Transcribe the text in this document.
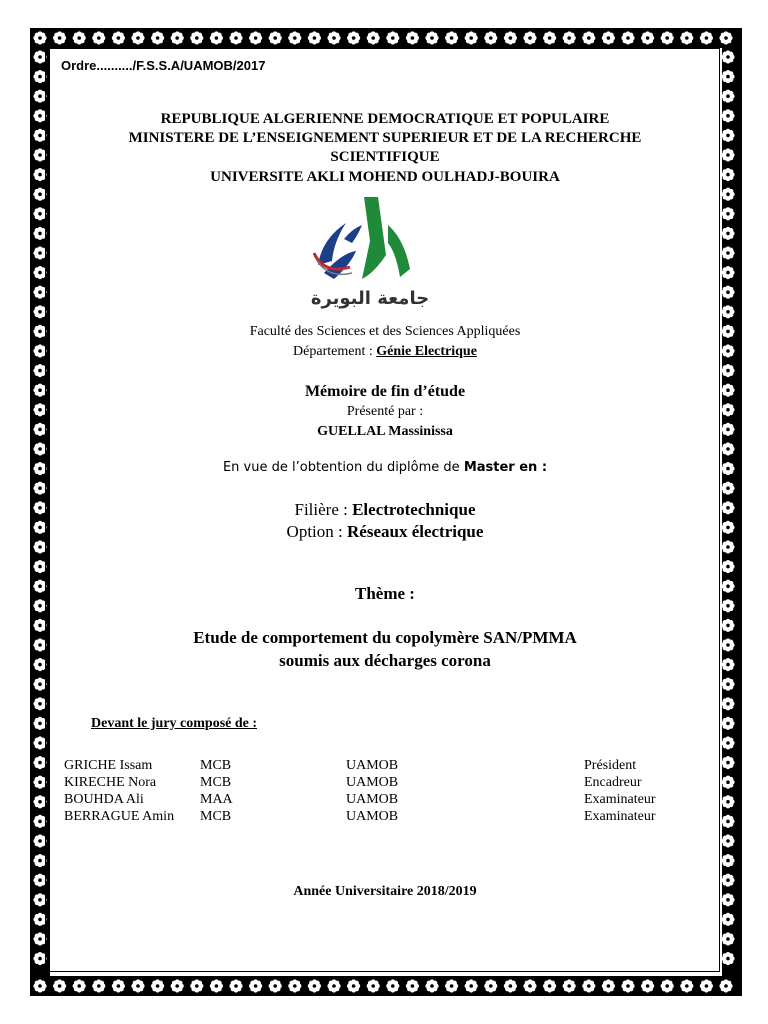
Ordre........../F.S.S.A/UAMOB/2017
REPUBLIQUE ALGERIENNE DEMOCRATIQUE ET POPULAIRE
MINISTERE DE L’ENSEIGNEMENT SUPERIEUR ET DE LA RECHERCHE
SCIENTIFIQUE
UNIVERSITE AKLI MOHEND OULHADJ-BOUIRA
جامعة البويرة
Faculté des Sciences et des Sciences Appliquées
Département : Génie Electrique
Mémoire de fin d’étude
Présenté par :
GUELLAL Massinissa
En vue de l’obtention du diplôme de Master en :
Filière : Electrotechnique
Option : Réseaux électrique
Thème :
Etude de comportement du copolymère SAN/PMMA
soumis aux décharges corona
Devant le jury composé de :
GRICHE Issam	MCB	UAMOB	Président
KIRECHE Nora	MCB	UAMOB	Encadreur
BOUHDA Ali	MAA	UAMOB	Examinateur
BERRAGUE Amin MCB	UAMOB	Examinateur
Année Universitaire 2018/2019
